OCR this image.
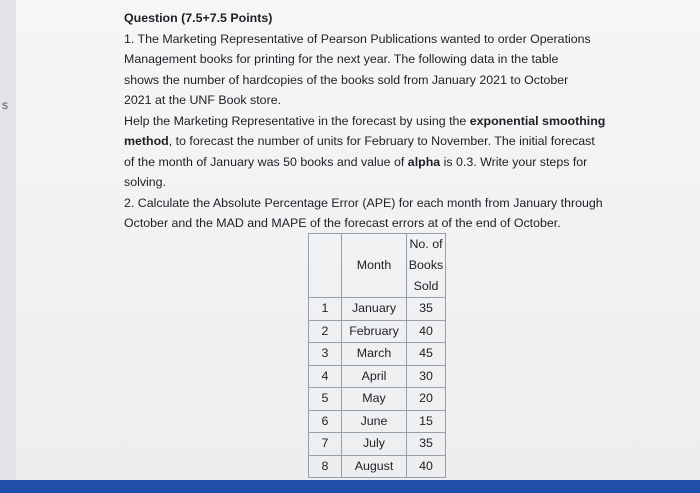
s
Question (7.5+7.5 Points)

1. The Marketing Representative of Pearson Publications wanted to order Operations

Management books for printing for the next year. The following data in the table

shows the number of hardcopies of the books sold from January 2021 to October

2021 at the UNF Book store.

Help the Marketing Representative in the forecast by using the exponential smoothing

method, to forecast the number of units for February to November. The initial forecast

of the month of January was 50 books and value of alpha is 0.3. Write your steps for

solving.

2. Calculate the Absolute Percentage Error (APE) for each month from January through

October and the MAD and MAPE of the forecast errors at of the end of October.

	Month	No. of
Books
Sold

1	January	35
2	February	40
3	March	45
4	April	30
5	May	20
6	June	15
7	July	35
8	August	40
